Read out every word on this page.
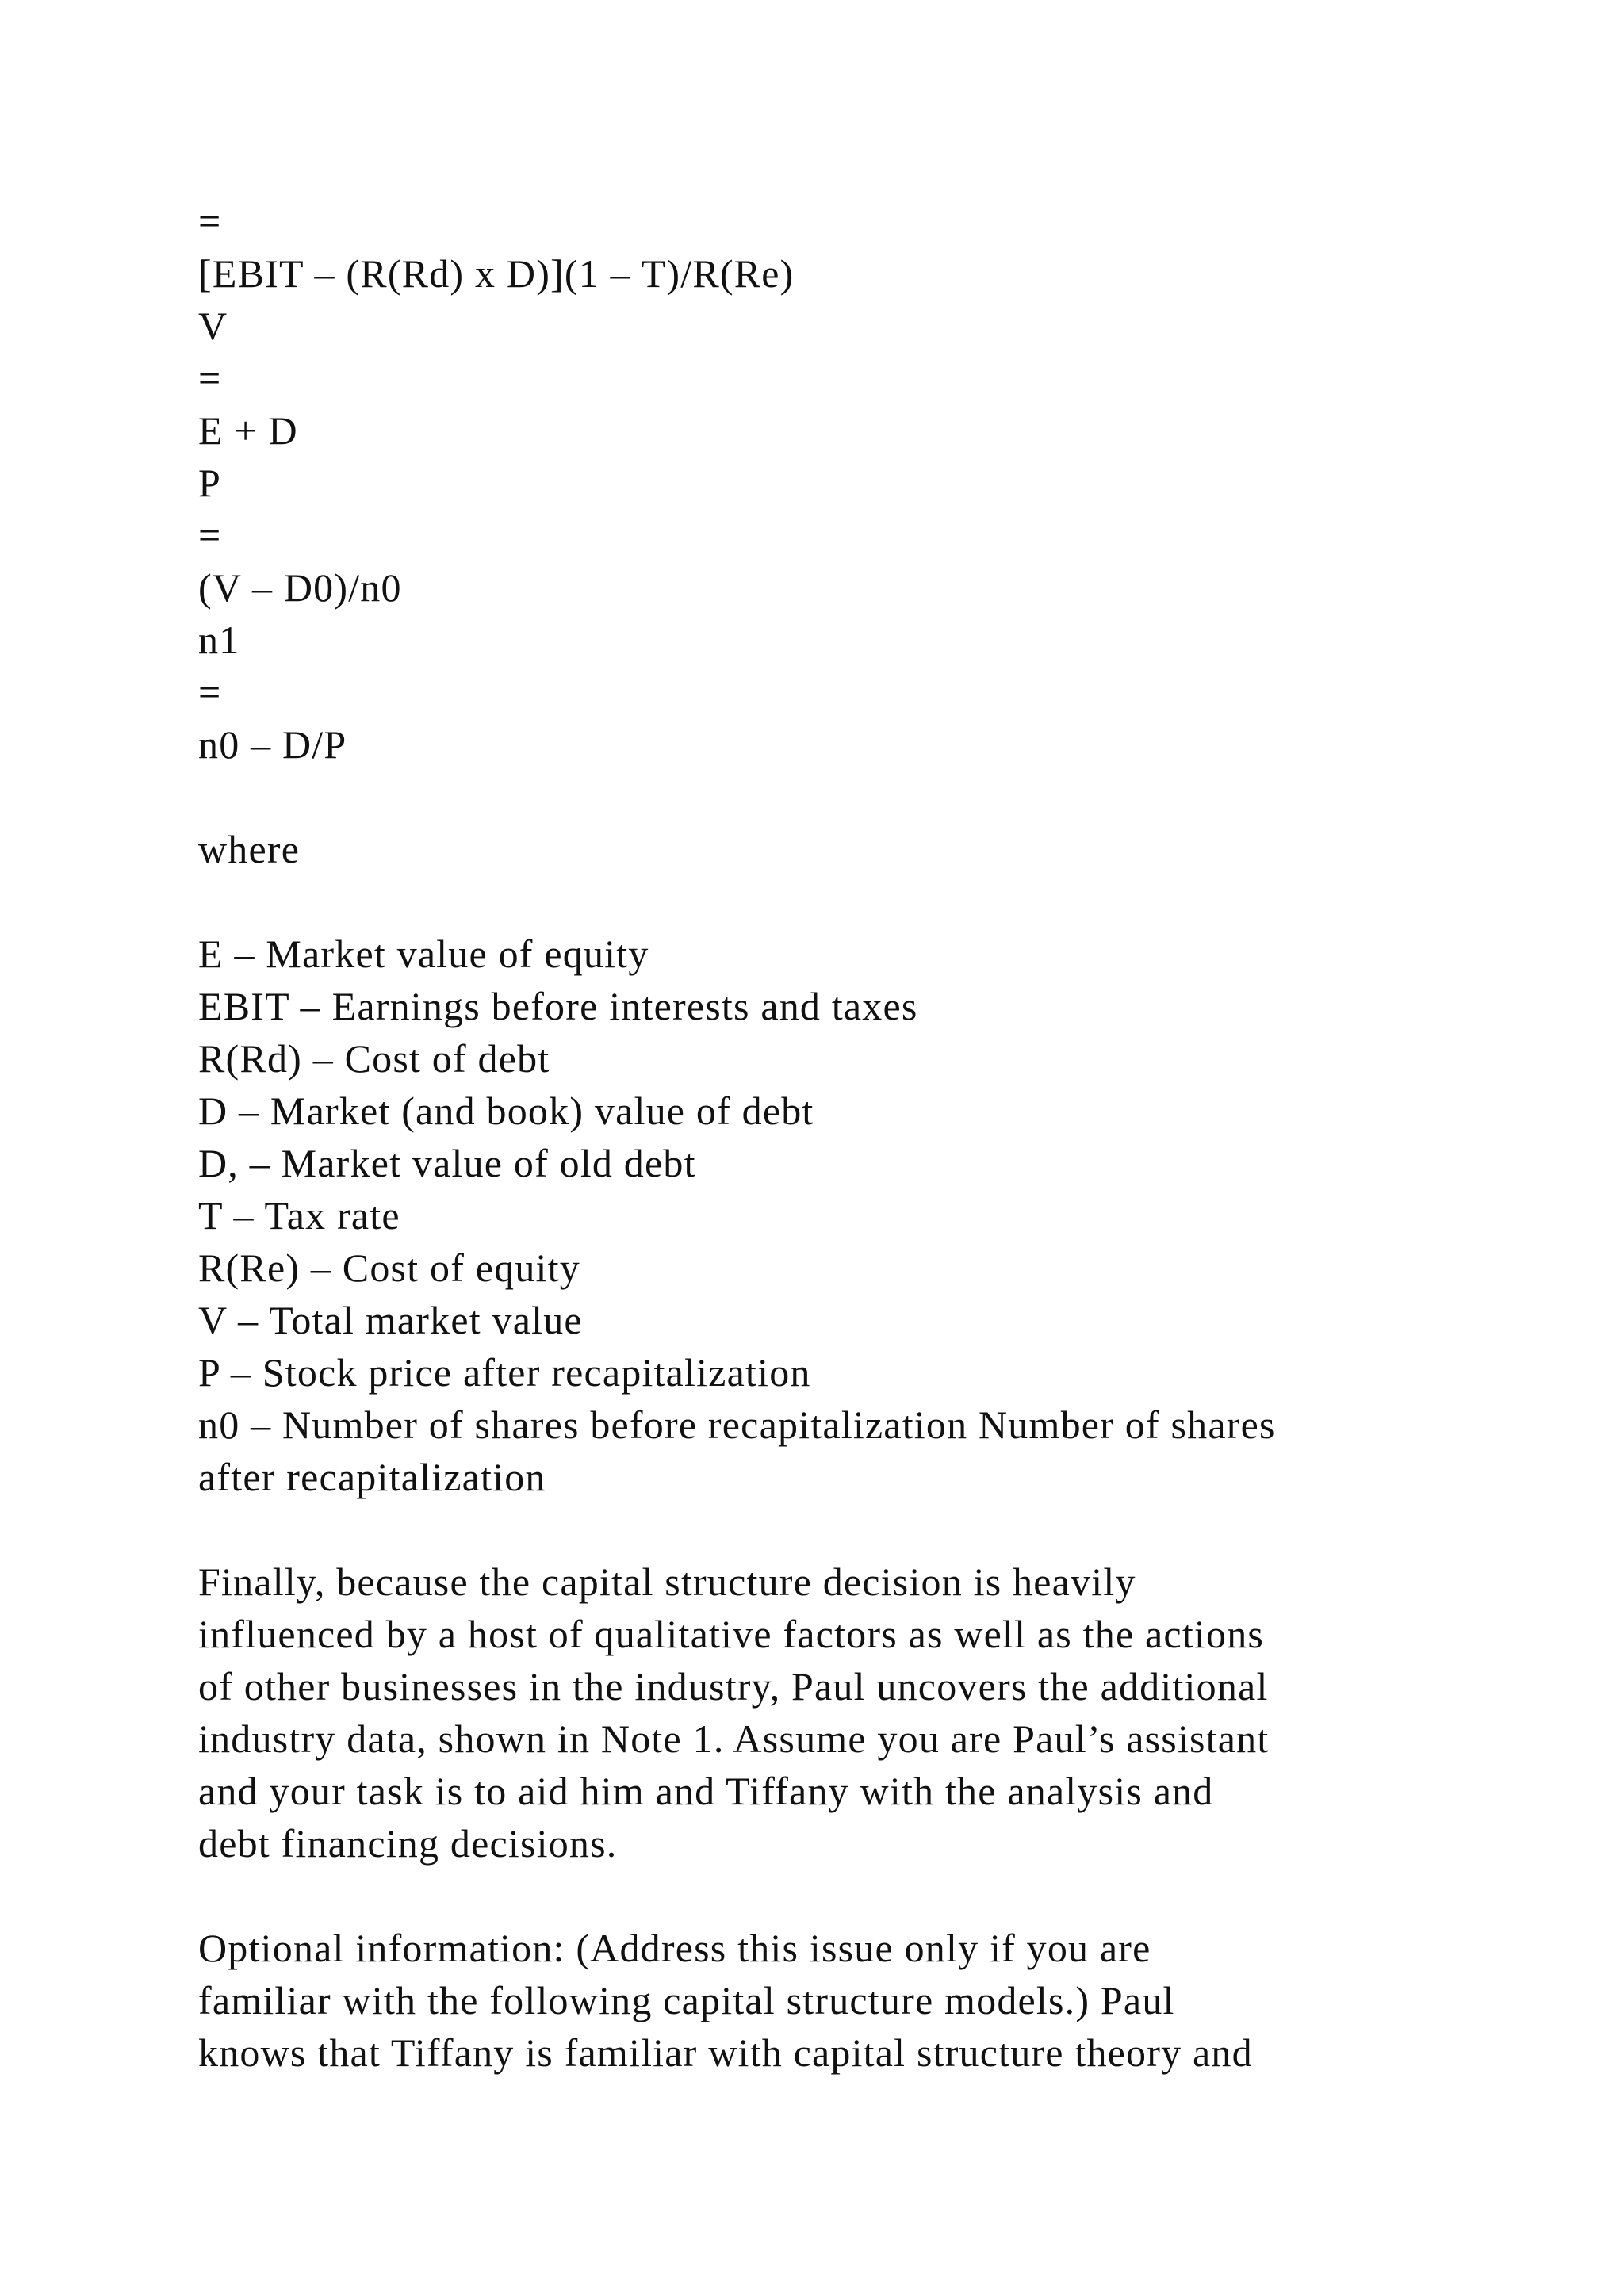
=
[EBIT – (R(Rd) x D)](1 – T)/R(Re)
V
=
E + D
P
=
(V – D0)/n0
n1
=
n0 – D/P
where
E – Market value of equity
EBIT – Earnings before interests and taxes
R(Rd) – Cost of debt
D – Market (and book) value of debt
D, – Market value of old debt
T – Tax rate
R(Re) – Cost of equity
V – Total market value
P – Stock price after recapitalization
n0 – Number of shares before recapitalization Number of shares
after recapitalization
Finally, because the capital structure decision is heavily
influenced by a host of qualitative factors as well as the actions
of other businesses in the industry, Paul uncovers the additional
industry data, shown in Note 1. Assume you are Paul’s assistant
and your task is to aid him and Tiffany with the analysis and
debt financing decisions.
Optional information: (Address this issue only if you are
familiar with the following capital structure models.) Paul
knows that Tiffany is familiar with capital structure theory and
